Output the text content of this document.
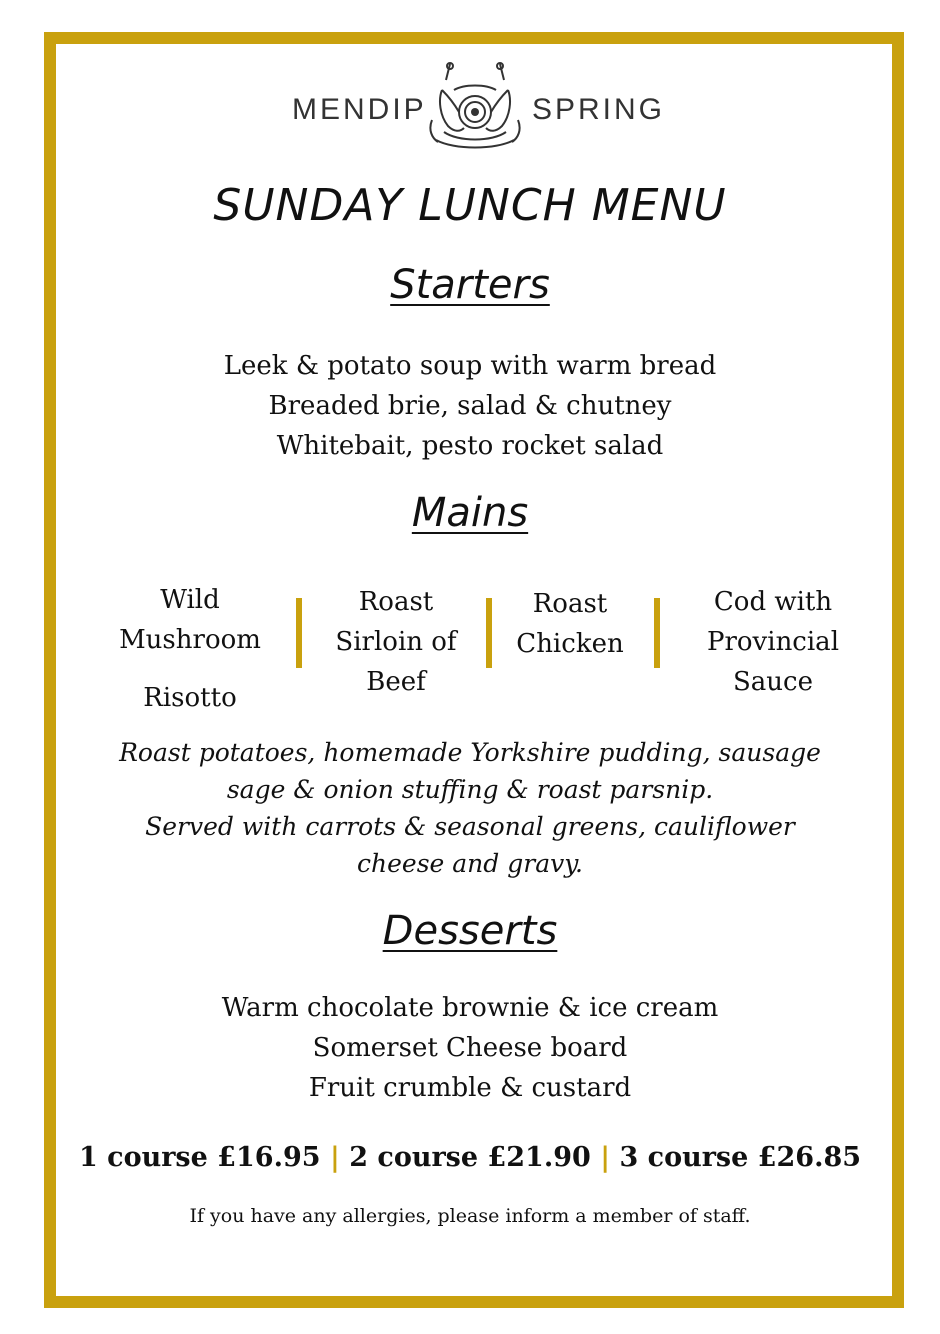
MENDIP	SPRING
SUNDAY LUNCH MENU
Starters
Leek & potato soup with warm bread
Breaded brie, salad & chutney
Whitebait, pesto rocket salad
Mains
Wild
Mushroom
Risotto
Roast
Sirloin of
Beef
Roast
Chicken
Cod with
Provincial
Sauce
Roast potatoes, homemade Yorkshire pudding, sausage
sage & onion stuffing & roast parsnip.
Served with carrots & seasonal greens, cauliflower
cheese and gravy.
Desserts
Warm chocolate brownie & ice cream
Somerset Cheese board
Fruit crumble & custard
1 course £16.95 | 2 course £21.90 | 3 course £26.85
If you have any allergies, please inform a member of staff.
